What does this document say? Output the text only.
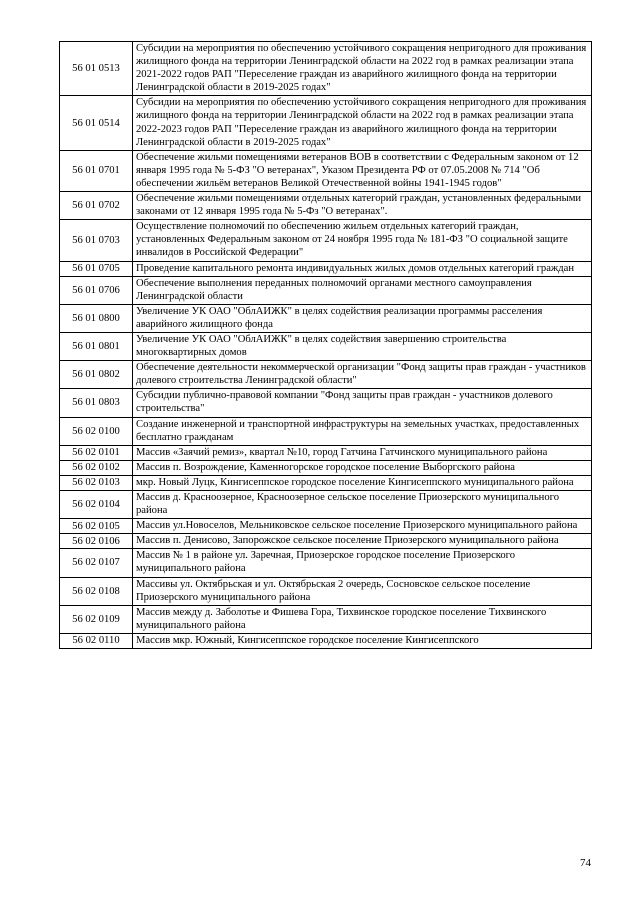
56 01 0513	Субсидии на мероприятия по обеспечению устойчивого сокращения непригодного для проживания жилищного фонда на территории Ленинградской области на 2022 год в рамках реализации этапа 2021-2022 годов РАП "Переселение граждан из аварийного жилищного фонда на территории Ленинградской области в 2019-2025 годах"
56 01 0514	Субсидии на мероприятия по обеспечению устойчивого сокращения непригодного для проживания жилищного фонда на территории Ленинградской области на 2022 год в рамках реализации этапа 2022-2023 годов РАП "Переселение граждан из аварийного жилищного фонда на территории Ленинградской области в 2019-2025 годах"
56 01 0701	Обеспечение жильми помещениями ветеранов ВОВ в соответствии с Федеральным законом от 12 января 1995 года № 5-ФЗ "О ветеранах", Указом Президента РФ от 07.05.2008 № 714 "Об обеспечении жильём ветеранов Великой Отечественной войны 1941-1945 годов"
56 01 0702	Обеспечение жильми помещениями отдельных категорий граждан, установленных федеральными законами от 12 января 1995 года № 5-Фз "О ветеранах".
56 01 0703	Осуществление полномочий по обеспечению жильем отдельных категорий граждан, установленных Федеральным законом от 24 ноября 1995 года № 181-ФЗ "О социальной защите инвалидов в Российской Федерации"
56 01 0705	Проведение капитального ремонта индивидуальных жилых домов отдельных категорий граждан
56 01 0706	Обеспечение выполнения переданных полномочий органами местного самоуправления Ленинградской области
56 01 0800	Увеличение УК ОАО "ОблАИЖК" в целях содействия реализации программы расселения аварийного жилищного фонда
56 01 0801	Увеличение УК ОАО "ОблАИЖК" в целях содействия завершению строительства многоквартирных домов
56 01 0802	Обеспечение деятельности некоммерческой организации "Фонд защиты прав граждан - участников долевого строительства Ленинградской области"
56 01 0803	Субсидии публично-правовой компании "Фонд защиты прав граждан - участников долевого строительства"
56 02 0100	Создание инженерной и транспортной инфраструктуры на земельных участках, предоставленных бесплатно гражданам
56 02 0101	Массив «Заячий ремиз», квартал №10, город Гатчина Гатчинского муниципального района
56 02 0102	Массив п. Возрождение, Каменногорское городское поселение Выборгского района
56 02 0103	мкр. Новый Луцк, Кингисеппское городское поселение Кингисеппского муниципального района
56 02 0104	Массив д. Красноозерное, Красноозерное сельское поселение Приозерского муниципального района
56 02 0105	Массив ул.Новоселов, Мельниковское сельское поселение Приозерского муниципального района
56 02 0106	Массив п. Денисово, Запорожское сельское поселение Приозерского муниципального района
56 02 0107	Массив № 1 в районе ул. Заречная, Приозерское городское поселение Приозерского муниципального района
56 02 0108	Массивы ул. Октябрьская и ул. Октябрьская 2 очередь, Сосновское сельское поселение Приозерского муниципального района
56 02 0109	Массив между д. Заболотье и Фишева Гора, Тихвинское городское поселение Тихвинского муниципального района
56 02 0110	Массив мкр. Южный, Кингисеппское городское поселение Кингисеппского
74
